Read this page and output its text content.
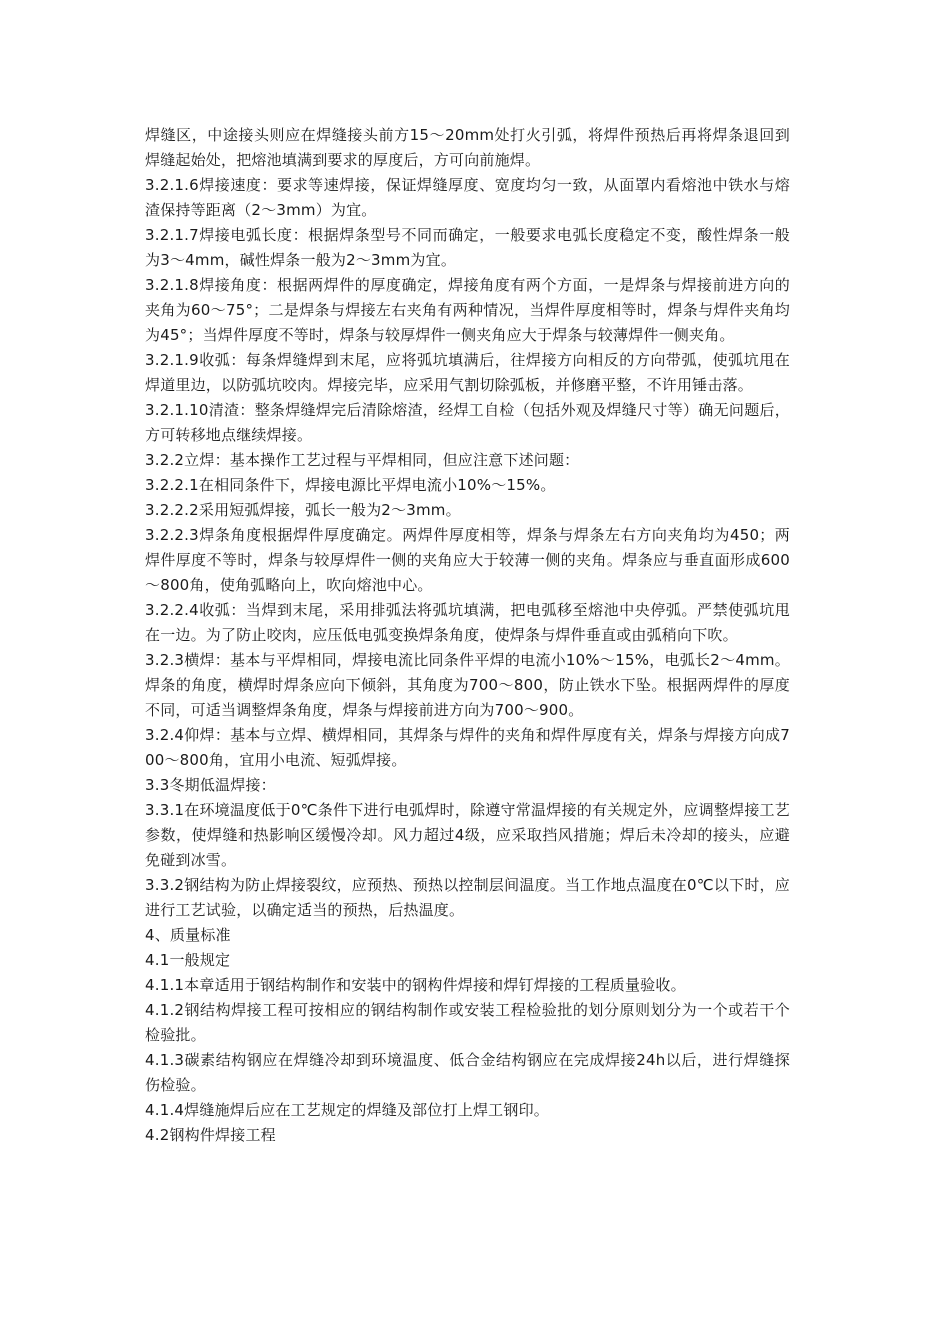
焊缝区，中途接头则应在焊缝接头前方15～20mm处打火引弧，将焊件预热后再将焊条退回到焊缝起始处，把熔池填满到要求的厚度后，方可向前施焊。

3.2.1.6焊接速度：要求等速焊接，保证焊缝厚度、宽度均匀一致，从面罩内看熔池中铁水与熔渣保持等距离（2～3mm）为宜。

3.2.1.7焊接电弧长度：根据焊条型号不同而确定，一般要求电弧长度稳定不变，酸性焊条一般为3～4mm，碱性焊条一般为2～3mm为宜。

3.2.1.8焊接角度：根据两焊件的厚度确定，焊接角度有两个方面，一是焊条与焊接前进方向的夹角为60～75°；二是焊条与焊接左右夹角有两种情况，当焊件厚度相等时，焊条与焊件夹角均为45°；当焊件厚度不等时，焊条与较厚焊件一侧夹角应大于焊条与较薄焊件一侧夹角。

3.2.1.9收弧：每条焊缝焊到末尾，应将弧坑填满后，往焊接方向相反的方向带弧，使弧坑甩在焊道里边，以防弧坑咬肉。焊接完毕，应采用气割切除弧板，并修磨平整，不许用锤击落。

3.2.1.10清渣：整条焊缝焊完后清除熔渣，经焊工自检（包括外观及焊缝尺寸等）确无问题后，方可转移地点继续焊接。

3.2.2立焊：基本操作工艺过程与平焊相同，但应注意下述问题：

3.2.2.1在相同条件下，焊接电源比平焊电流小10%～15%。

3.2.2.2采用短弧焊接，弧长一般为2～3mm。

3.2.2.3焊条角度根据焊件厚度确定。两焊件厚度相等，焊条与焊条左右方向夹角均为450；两焊件厚度不等时，焊条与较厚焊件一侧的夹角应大于较薄一侧的夹角。焊条应与垂直面形成600～800角，使角弧略向上，吹向熔池中心。

3.2.2.4收弧：当焊到末尾，采用排弧法将弧坑填满，把电弧移至熔池中央停弧。严禁使弧坑甩在一边。为了防止咬肉，应压低电弧变换焊条角度，使焊条与焊件垂直或由弧稍向下吹。

3.2.3横焊：基本与平焊相同，焊接电流比同条件平焊的电流小10%～15%，电弧长2～4mm。焊条的角度，横焊时焊条应向下倾斜，其角度为700～800，防止铁水下坠。根据两焊件的厚度不同，可适当调整焊条角度，焊条与焊接前进方向为700～900。

3.2.4仰焊：基本与立焊、横焊相同，其焊条与焊件的夹角和焊件厚度有关，焊条与焊接方向成700～800角，宜用小电流、短弧焊接。

3.3冬期低温焊接：

3.3.1在环境温度低于0℃条件下进行电弧焊时，除遵守常温焊接的有关规定外，应调整焊接工艺参数，使焊缝和热影响区缓慢冷却。风力超过4级，应采取挡风措施；焊后未冷却的接头，应避免碰到冰雪。

3.3.2钢结构为防止焊接裂纹，应预热、预热以控制层间温度。当工作地点温度在0℃以下时，应进行工艺试验，以确定适当的预热，后热温度。

4、质量标准

4.1一般规定

4.1.1本章适用于钢结构制作和安装中的钢构件焊接和焊钉焊接的工程质量验收。

4.1.2钢结构焊接工程可按相应的钢结构制作或安装工程检验批的划分原则划分为一个或若干个检验批。

4.1.3碳素结构钢应在焊缝冷却到环境温度、低合金结构钢应在完成焊接24h以后，进行焊缝探伤检验。

4.1.4焊缝施焊后应在工艺规定的焊缝及部位打上焊工钢印。

4.2钢构件焊接工程
